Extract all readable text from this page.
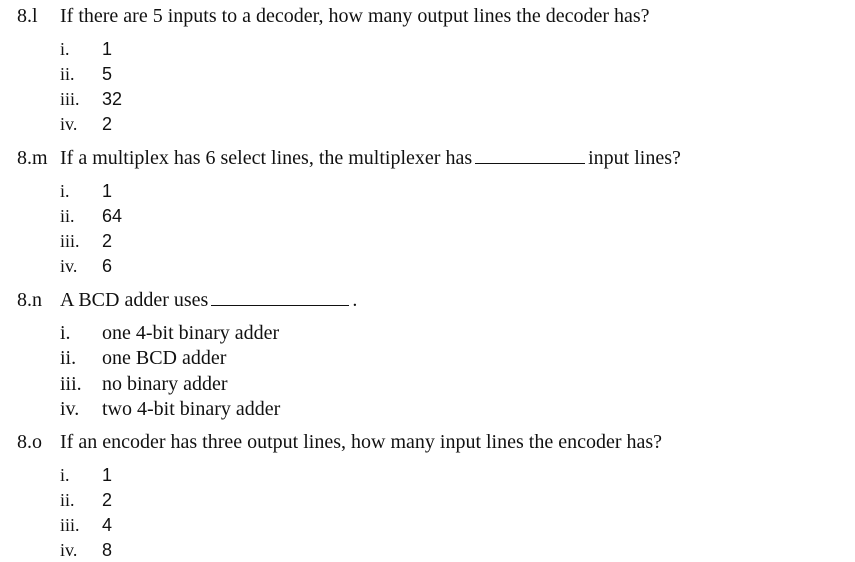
8.l If there are 5 inputs to a decoder, how many output lines the decoder has?
i. 1
ii. 5
iii. 32
iv. 2
8.m If a multiplex has 6 select lines, the multiplexer has	input lines?
i. 1
ii. 64
iii. 2
iv. 6
8.n A BCD adder uses	.
i. one 4-bit binary adder
ii. one BCD adder
iii. no binary adder
iv. two 4-bit binary adder
8.o If an encoder has three output lines, how many input lines the encoder has?
i. 1
ii. 2
iii. 4
iv. 8
